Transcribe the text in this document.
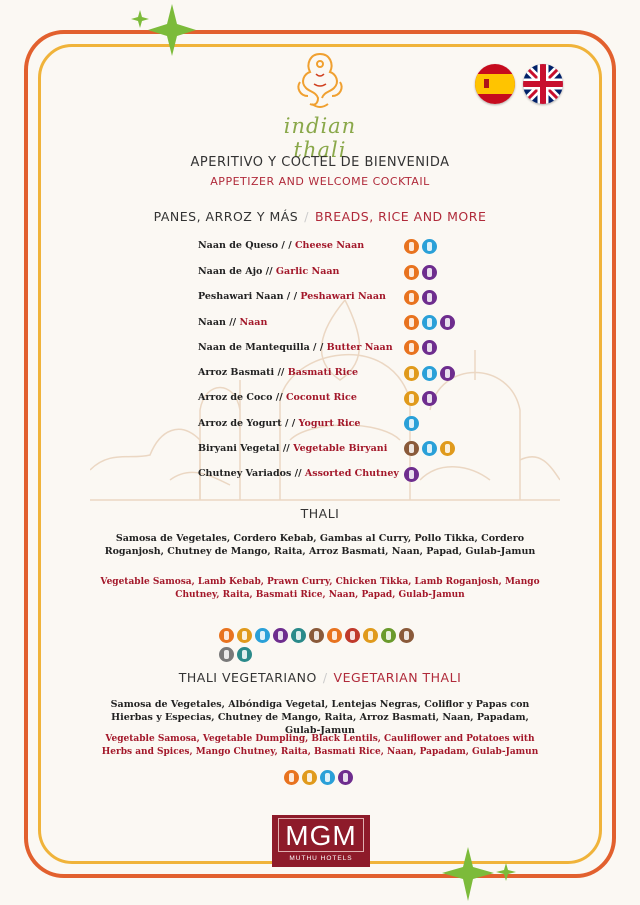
indian thali
APERITIVO Y COCTEL DE BIENVENIDA
APPETIZER AND WELCOME COCKTAIL
PANES, ARROZ Y MÁS / BREADS, RICE AND MORE
Naan de Queso / / Cheese Naan
Naan de Ajo // Garlic Naan
Peshawari Naan / / Peshawari Naan
Naan // Naan
Naan de Mantequilla / / Butter Naan
Arroz Basmati // Basmati Rice
Arroz de Coco // Coconut Rice
Arroz de Yogurt / / Yogurt Rice
Biryani Vegetal // Vegetable Biryani
Chutney Variados // Assorted Chutney
THALI
Samosa de Vegetales, Cordero Kebab, Gambas al Curry, Pollo Tikka, Cordero Roganjosh, Chutney de Mango, Raita, Arroz Basmati, Naan, Papad, Gulab-Jamun
Vegetable Samosa, Lamb Kebab, Prawn Curry, Chicken Tikka, Lamb Roganjosh, Mango Chutney, Raita, Basmati Rice, Naan, Papad, Gulab-Jamun
THALI VEGETARIANO / VEGETARIAN THALI
Samosa de Vegetales, Albóndiga Vegetal, Lentejas Negras, Coliflor y Papas con Hierbas y Especias, Chutney de Mango, Raita, Arroz Basmati, Naan, Papadam, Gulab-Jamun
Vegetable Samosa, Vegetable Dumpling, Black Lentils, Cauliflower and Potatoes with Herbs and Spices, Mango Chutney, Raita, Basmati Rice, Naan, Papadam, Gulab-Jamun
MGM
MUTHU HOTELS
